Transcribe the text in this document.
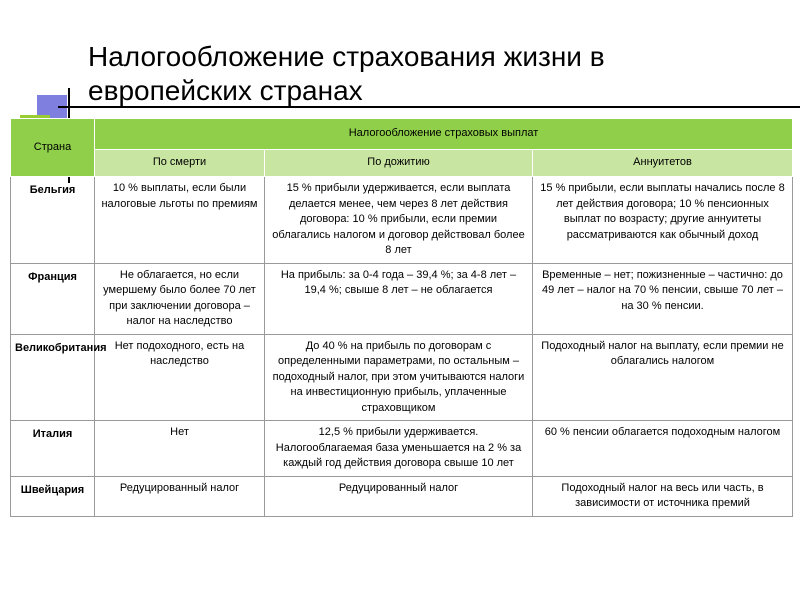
Налогообложение страхования жизни в
европейских странах
Страна	Налогообложение страховых выплат		
	По смерти	По дожитию	Аннуитетов
Бельгия	10 % выплаты, если были налоговые льготы по премиям	15 % прибыли удерживается, если выплата делается менее, чем через 8 лет действия договора: 10 % прибыли, если премии облагались налогом и договор действовал более 8 лет	15 % прибыли, если выплаты начались после 8 лет действия договора; 10 % пенсионных выплат по возрасту; другие аннуитеты рассматриваются как обычный доход
Франция	Не облагается, но если умершему было более 70 лет при заключении договора – налог на наследство	На прибыль: за 0-4 года – 39,4 %; за 4-8 лет – 19,4 %; свыше 8 лет – не облагается	Временные – нет; пожизненные – частично: до 49 лет – налог на 70 % пенсии, свыше 70 лет – на 30 % пенсии.
Великобритания	Нет подоходного, есть на наследство	До 40 % на прибыль по договорам с определенными параметрами, по остальным – подоходный налог, при этом учитываются налоги на инвестиционную прибыль, уплаченные страховщиком	Подоходный налог на выплату, если премии не облагались налогом
Италия	Нет	12,5 % прибыли удерживается. Налогооблагаемая база уменьшается на 2 % за каждый год действия договора свыше 10 лет	60 % пенсии облагается подоходным налогом
Швейцария	Редуцированный налог	Редуцированный налог	Подоходный налог на весь или часть, в зависимости от источника премий
